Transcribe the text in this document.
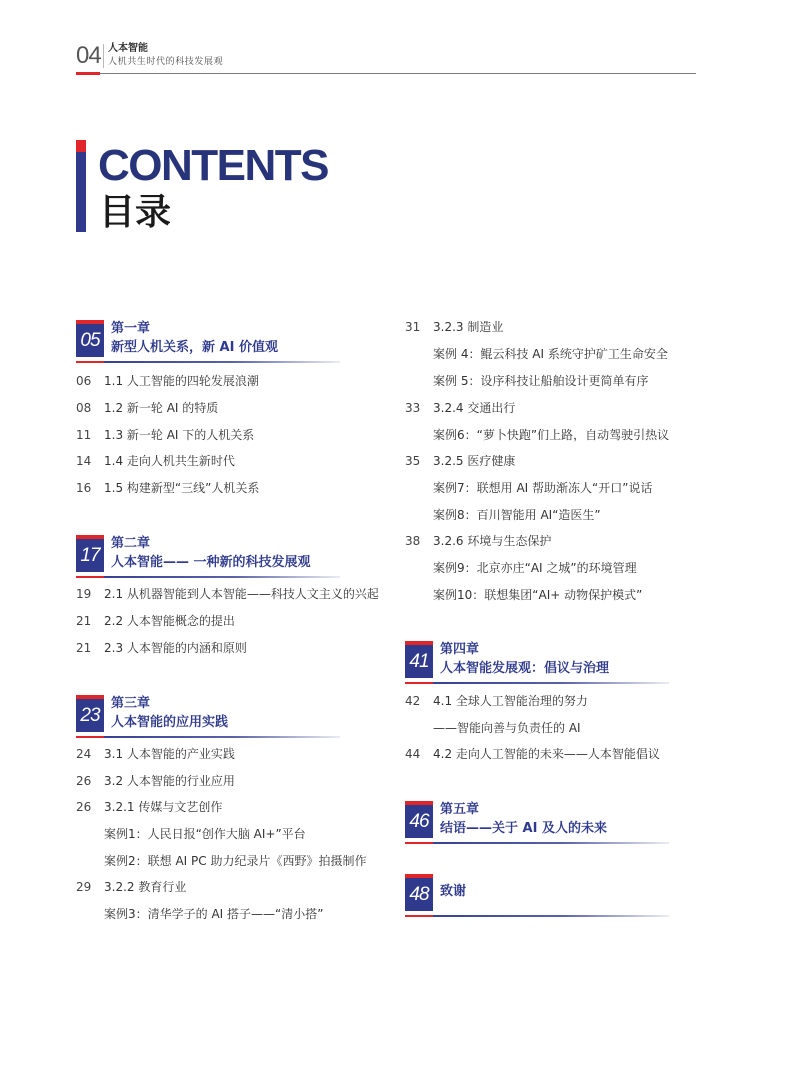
04 人本智能
人机共生时代的科技发展观
CONTENTS
目录
05
第一章
新型人机关系，新 AI 价值观
06	1.1 人工智能的四轮发展浪潮
08	1.2 新一轮 AI 的特质
11	1.3 新一轮 AI 下的人机关系
14	1.4 走向人机共生新时代
16	1.5 构建新型“三线”人机关系
17
第二章
人本智能—— 一种新的科技发展观
19	2.1 从机器智能到人本智能——科技人文主义的兴起
21	2.2 人本智能概念的提出
21	2.3 人本智能的内涵和原则
23
第三章
人本智能的应用实践
24	3.1 人本智能的产业实践
26	3.2 人本智能的行业应用
26	3.2.1 传媒与文艺创作
案例1：人民日报“创作大脑 AI+”平台
案例2：联想 AI PC 助力纪录片《西野》拍摄制作
29	3.2.2 教育行业
案例3：清华学子的 AI 搭子——“清小搭”
31	3.2.3 制造业
案例 4：鲲云科技 AI 系统守护矿工生命安全
案例 5：设序科技让船舶设计更简单有序
33	3.2.4 交通出行
案例6：“萝卜快跑”们上路，自动驾驶引热议
35	3.2.5 医疗健康
案例7：联想用 AI 帮助渐冻人“开口”说话
案例8：百川智能用 AI“造医生”
38	3.2.6 环境与生态保护
案例9：北京亦庄“AI 之城”的环境管理
案例10：联想集团“AI+ 动物保护模式”
41
第四章
人本智能发展观：倡议与治理
42	4.1 全球人工智能治理的努力
——智能向善与负责任的 AI
44	4.2 走向人工智能的未来——人本智能倡议
46
第五章
结语——关于 AI 及人的未来
48 致谢
